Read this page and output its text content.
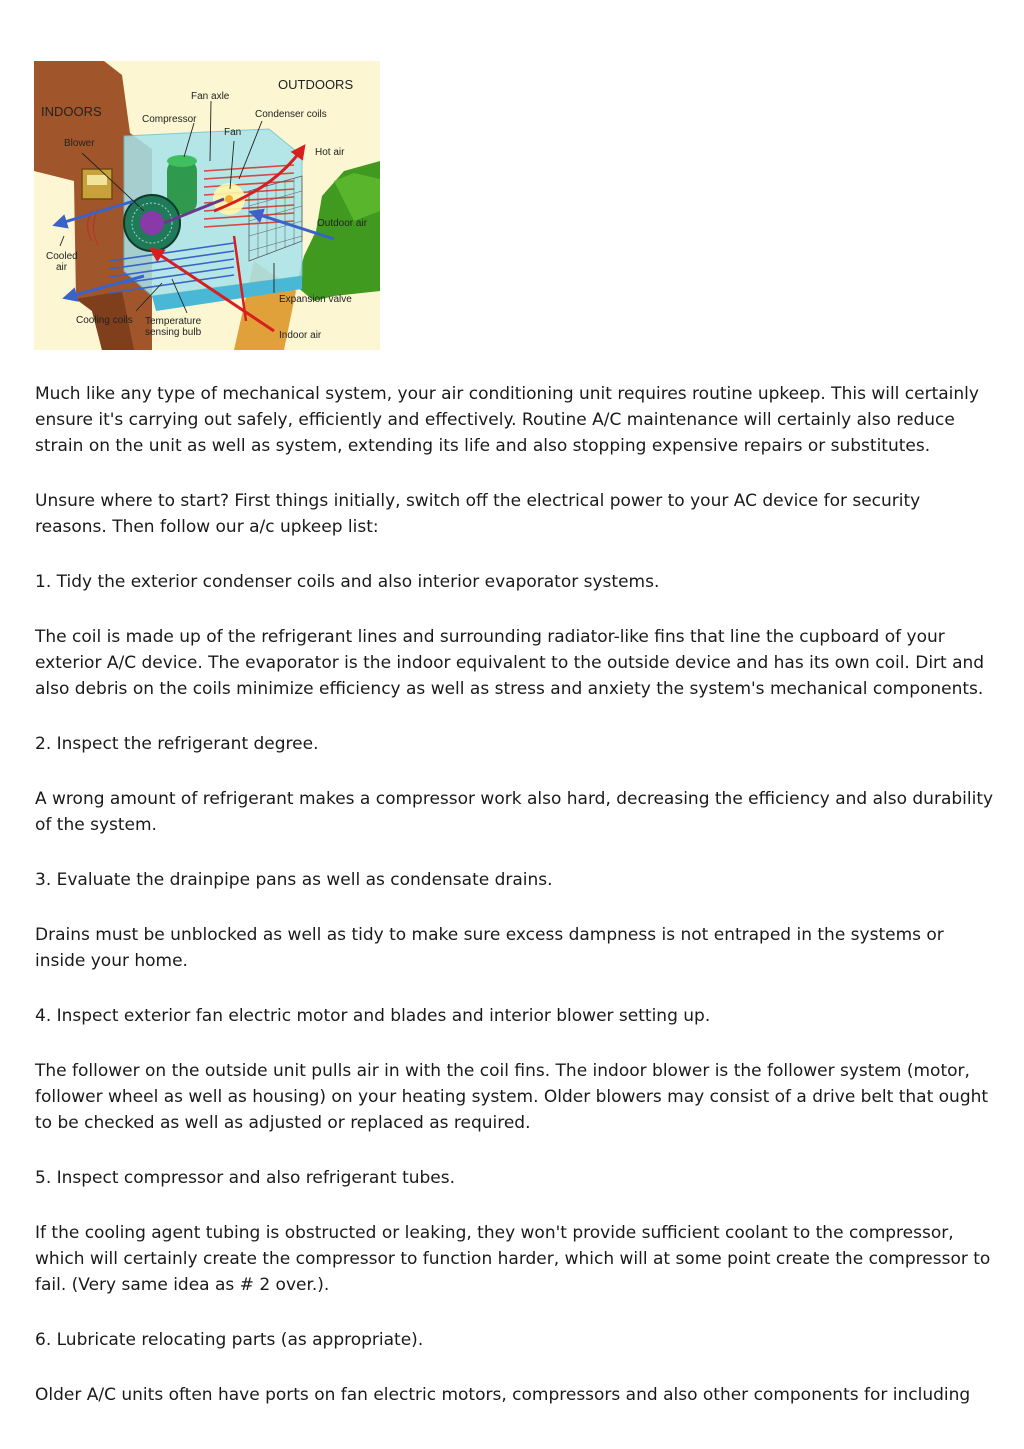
OUTDOORS
INDOORS
Fan axle
Compressor	Condenser coils
Fan
Blower
Hot air
Outdoor air
Cooled
air
Expansion valve
Cooling coils Temperature
sensing bulb	Indoor air

Much like any type of mechanical system, your air conditioning unit requires routine upkeep. This will certainly ensure it's carrying out safely, efficiently and effectively. Routine A/C maintenance will certainly also reduce strain on the unit as well as system, extending its life and also stopping expensive repairs or substitutes.

Unsure where to start? First things initially, switch off the electrical power to your AC device for security reasons. Then follow our a/c upkeep list:

1. Tidy the exterior condenser coils and also interior evaporator systems.

The coil is made up of the refrigerant lines and surrounding radiator-like fins that line the cupboard of your exterior A/C device. The evaporator is the indoor equivalent to the outside device and has its own coil. Dirt and also debris on the coils minimize efficiency as well as stress and anxiety the system's mechanical components.

2. Inspect the refrigerant degree.

A wrong amount of refrigerant makes a compressor work also hard, decreasing the efficiency and also durability of the system.

3. Evaluate the drainpipe pans as well as condensate drains.

Drains must be unblocked as well as tidy to make sure excess dampness is not entraped in the systems or inside your home.

4. Inspect exterior fan electric motor and blades and interior blower setting up.

The follower on the outside unit pulls air in with the coil fins. The indoor blower is the follower system (motor, follower wheel as well as housing) on your heating system. Older blowers may consist of a drive belt that ought to be checked as well as adjusted or replaced as required.

5. Inspect compressor and also refrigerant tubes.

If the cooling agent tubing is obstructed or leaking, they won't provide sufficient coolant to the compressor, which will certainly create the compressor to function harder, which will at some point create the compressor to fail. (Very same idea as # 2 over.).

6. Lubricate relocating parts (as appropriate).

Older A/C units often have ports on fan electric motors, compressors and also other components for including
